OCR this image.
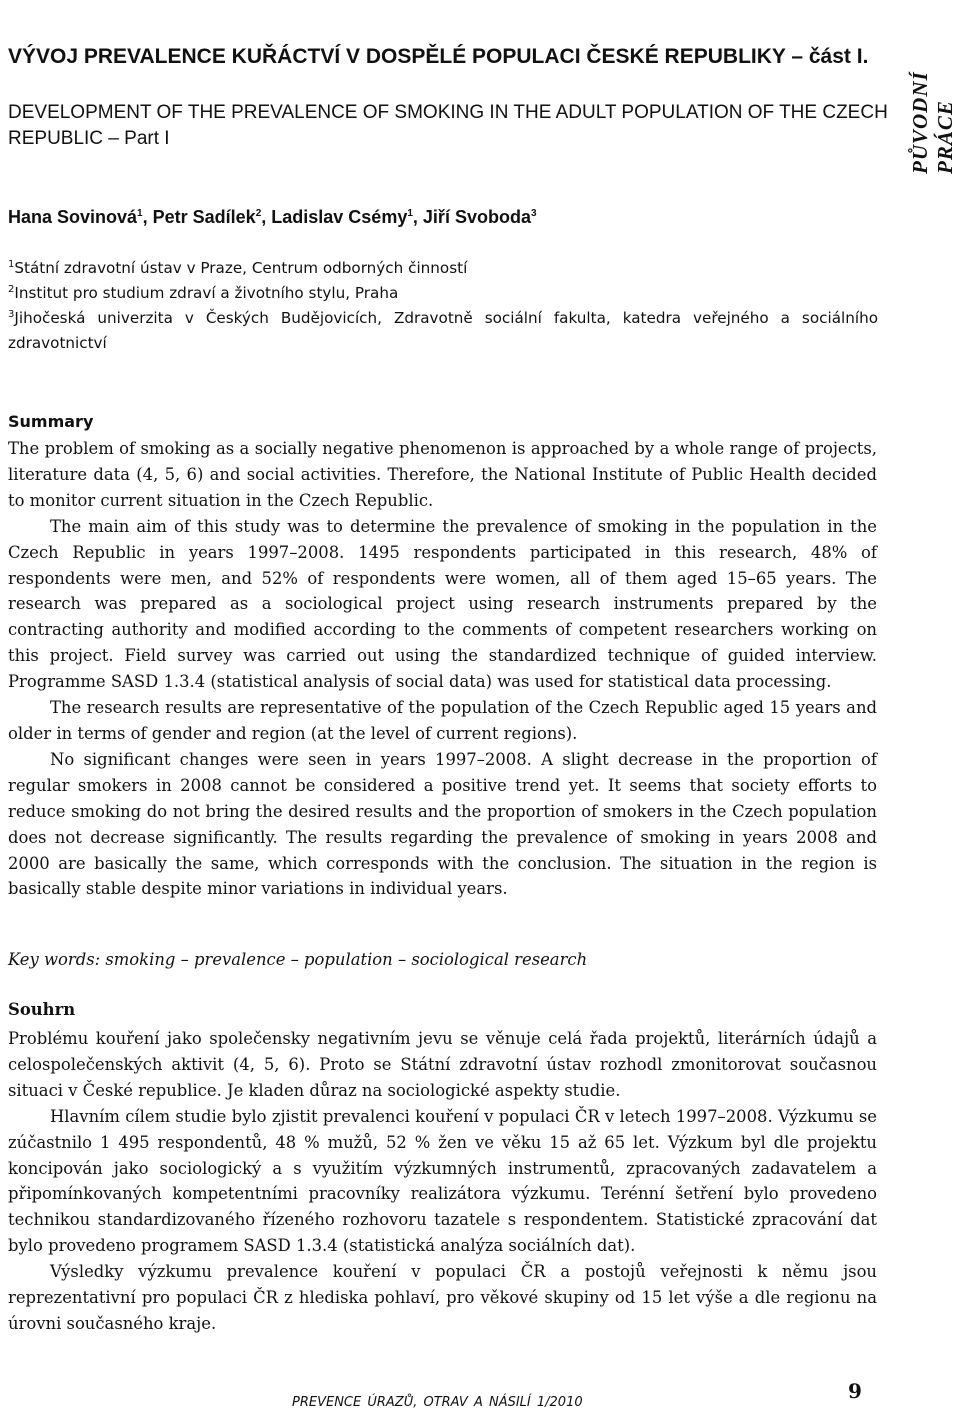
PŮVODNÍ PRÁCE
VÝVOJ PREVALENCE KUŘÁCTVÍ V DOSPĚLÉ POPULACI ČESKÉ REPUBLIKY – část I.
DEVELOPMENT OF THE PREVALENCE OF SMOKING IN THE ADULT POPULATION OF THE CZECH REPUBLIC – Part I
Hana Sovinová$^1$, Petr Sadílek$^2$, Ladislav Csémy$^1$, Jiří Svoboda$^3$

$^1$Státní zdravotní ústav v Praze, Centrum odborných činností

$^2$Institut pro studium zdraví a životního stylu, Praha

$^3$Jihočeská univerzita v Českých Budějovicích, Zdravotně sociální fakulta, katedra veřejného a sociálního zdravotnictví

Summary

The problem of smoking as a socially negative phenomenon is approached by a whole range of projects, literature data (4, 5, 6) and social activities. Therefore, the National Institute of Public Health decided to monitor current situation in the Czech Republic.

The main aim of this study was to determine the prevalence of smoking in the population in the Czech Republic in years 1997–2008. 1495 respondents participated in this research, 48% of respondents were men, and 52% of respondents were women, all of them aged 15–65 years. The research was prepared as a sociological project using research instruments prepared by the contracting authority and modified according to the comments of competent researchers working on this project. Field survey was carried out using the standardized technique of guided interview. Programme SASD 1.3.4 (statistical analysis of social data) was used for statistical data processing.

The research results are representative of the population of the Czech Republic aged 15 years and older in terms of gender and region (at the level of current regions).

No significant changes were seen in years 1997–2008. A slight decrease in the proportion of regular smokers in 2008 cannot be considered a positive trend yet. It seems that society efforts to reduce smoking do not bring the desired results and the proportion of smokers in the Czech population does not decrease significantly. The results regarding the prevalence of smoking in years 2008 and 2000 are basically the same, which corresponds with the conclusion. The situation in the region is basically stable despite minor variations in individual years.

Key words: smoking – prevalence – population – sociological research
Souhrn

Problému kouření jako společensky negativním jevu se věnuje celá řada projektů, literárních údajů a celospolečenských aktivit (4, 5, 6). Proto se Státní zdravotní ústav rozhodl zmonitorovat současnou situaci v České republice. Je kladen důraz na sociologické aspekty studie.

Hlavním cílem studie bylo zjistit prevalenci kouření v populaci ČR v letech 1997–2008. Výzkumu se zúčastnilo 1 495 respondentů, 48 % mužů, 52 % žen ve věku 15 až 65 let. Výzkum byl dle projektu koncipován jako sociologický a s využitím výzkumných instrumentů, zpracovaných zadavatelem a připomínkovaných kompetentními pracovníky realizátora výzkumu. Terénní šetření bylo provedeno technikou standardizovaného řízeného rozhovoru tazatele s respondentem. Statistické zpracování dat bylo provedeno programem SASD 1.3.4 (statistická analýza sociálních dat).

Výsledky výzkumu prevalence kouření v populaci ČR a postojů veřejnosti k němu jsou reprezentativní pro populaci ČR z hlediska pohlaví, pro věkové skupiny od 15 let výše a dle regionu na úrovni současného kraje.

PREVENCE ÚRAZŮ, OTRAV A NÁSILÍ 1/2010	9
